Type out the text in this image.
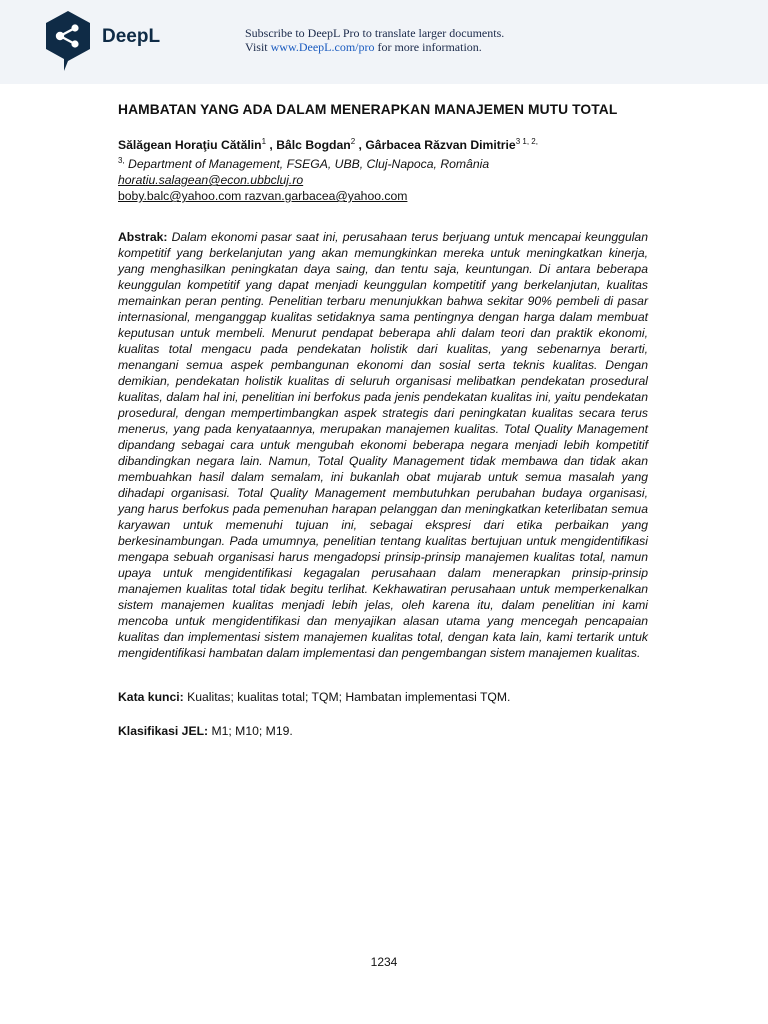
DeepL	Subscribe to DeepL Pro to translate larger documents.
Visit www.DeepL.com/pro for more information.
HAMBATAN YANG ADA DALAM MENERAPKAN MANAJEMEN MUTU TOTAL
Sălăgean Horaţiu Cătălin$^1$ , Bâlc Bogdan$^2$ , Gârbacea Răzvan Dimitrie$^{3 1, 2,}$
$^{3,}$ Department of Management, FSEGA, UBB, Cluj-Napoca, România
horatiu.salagean@econ.ubbcluj.ro
boby.balc@yahoo.com razvan.garbacea@yahoo.com
Abstrak: Dalam ekonomi pasar saat ini, perusahaan terus berjuang untuk mencapai keunggulan kompetitif yang berkelanjutan yang akan memungkinkan mereka untuk meningkatkan kinerja, yang menghasilkan peningkatan daya saing, dan tentu saja, keuntungan. Di antara beberapa keunggulan kompetitif yang dapat menjadi keunggulan kompetitif yang berkelanjutan, kualitas memainkan peran penting. Penelitian terbaru menunjukkan bahwa sekitar 90% pembeli di pasar internasional, menganggap kualitas setidaknya sama pentingnya dengan harga dalam membuat keputusan untuk membeli. Menurut pendapat beberapa ahli dalam teori dan praktik ekonomi, kualitas total mengacu pada pendekatan holistik dari kualitas, yang sebenarnya berarti, menangani semua aspek pembangunan ekonomi dan sosial serta teknis kualitas. Dengan demikian, pendekatan holistik kualitas di seluruh organisasi melibatkan pendekatan prosedural kualitas, dalam hal ini, penelitian ini berfokus pada jenis pendekatan kualitas ini, yaitu pendekatan prosedural, dengan mempertimbangkan aspek strategis dari peningkatan kualitas secara terus menerus, yang pada kenyataannya, merupakan manajemen kualitas. Total Quality Management dipandang sebagai cara untuk mengubah ekonomi beberapa negara menjadi lebih kompetitif dibandingkan negara lain. Namun, Total Quality Management tidak membawa dan tidak akan membuahkan hasil dalam semalam, ini bukanlah obat mujarab untuk semua masalah yang dihadapi organisasi. Total Quality Management membutuhkan perubahan budaya organisasi, yang harus berfokus pada pemenuhan harapan pelanggan dan meningkatkan keterlibatan semua karyawan untuk memenuhi tujuan ini, sebagai ekspresi dari etika perbaikan yang berkesinambungan. Pada umumnya, penelitian tentang kualitas bertujuan untuk mengidentifikasi mengapa sebuah organisasi harus mengadopsi prinsip-prinsip manajemen kualitas total, namun upaya untuk mengidentifikasi kegagalan perusahaan dalam menerapkan prinsip-prinsip manajemen kualitas total tidak begitu terlihat. Kekhawatiran perusahaan untuk memperkenalkan sistem manajemen kualitas menjadi lebih jelas, oleh karena itu, dalam penelitian ini kami mencoba untuk mengidentifikasi dan menyajikan alasan utama yang mencegah pencapaian kualitas dan implementasi sistem manajemen kualitas total, dengan kata lain, kami tertarik untuk mengidentifikasi hambatan dalam implementasi dan pengembangan sistem manajemen kualitas.
Kata kunci: Kualitas; kualitas total; TQM; Hambatan implementasi TQM.
Klasifikasi JEL: M1; M10; M19.
1234
